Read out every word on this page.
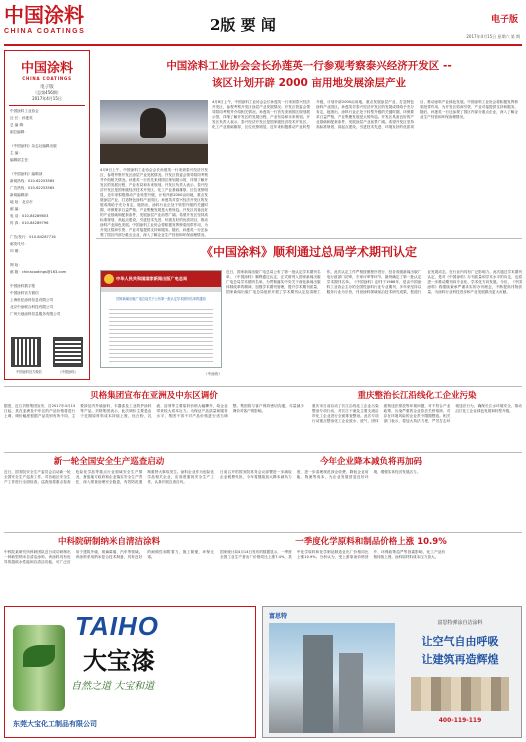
中国涂料
CHINA COATINGS	2版 要 闻	电子版
2017年4月15日 星期六 第 期
中国涂料
CHINA COATINGS
电子版
（总第456期）
2017年4月15日
中国涂料工业协会
社 长：孙莲英
总 编 辑：
副总编辑：

《中国涂料》杂志社编辑出版
主 编：
编辑部主任：

《中国涂料》编辑部
新闻热线：010-62253565
广告热线：010-62253565
新闻编辑部：
地 址：北京市
邮 编：
电 话：010-84289803
传 真：010-84289796

广告/发行：010-84287716
邮发代号：
印 刷：

网 址：
邮 箱：chinacoatings@163.com

中国涂料数字报
中国涂料官方微信
上海世纪涂料信息有限公司
北京中涂联合科技有限公司
广州天地涂料信息服务有限公司
中国涂料官方微信	《中国涂料》
中国涂料工业协会会长孙莲英一行参观考察泰兴经济开发区 --
该区计划开辟 2000 亩用地发展涂层产业
4月8日上午，中国涂料工业协会会长孙莲英一行来到泰兴经济开发区，参观考察开发区涂层产业发展情况。开发区管委会领导陪同考察并介绍相关情况。孙莲英一行首先来到园区规划展示馆，详细了解开发区的发展历程、产业布局和未来规划。开发区负责人表示，泰兴经济开发区是国家级经济技术开发区，化工产业基础雄厚，区位优势明显，近年来积极推动产业转型升级，计划开辟2000亩用地，重点发展涂层产业，打造特色涂料产业园区。孙莲英对泰兴经济开发区的发展成绩给予充分肯定，她指出，涂料行业正处于转型升级的关键时期，环保要求日益严格，产业集聚发展是大势所趋。开发区具备良好的产业基础和配套条件，发展涂层产业前景广阔。希望开发区坚持高标准规划、高起点建设，引进技术先进、环境友好的优质项目，推动涂料产业绿色发展。中国涂料工业协会将积极发挥桥梁纽带作用，为开发区招商引资、产业对接提供支持和服务。随后，孙莲英一行还参观了园区内部分重点企业，深入了解企业生产经营和环保治理情况。
4月8日上午，中国涂料工业协会会长孙莲英一行来到泰兴经济开发区，参观考察开发区涂层产业发展情况。开发区管委会领导陪同考察并介绍相关情况。孙莲英一行首先来到园区规划展示馆，详细了解开发区的发展历程、产业布局和未来规划。开发区负责人表示，泰兴经济开发区是国家级经济技术开发区，化工产业基础雄厚，区位优势明显，近年来积极推动产业转型升级，计划开辟2000亩用地，重点发展涂层产业，打造特色涂料产业园区。孙莲英对泰兴经济开发区的发展成绩给予充分肯定，她指出，涂料行业正处于转型升级的关键时期，环保要求日益严格，产业集聚发展是大势所趋。开发区具备良好的产业基础和配套条件，发展涂层产业前景广阔。希望开发区坚持高标准规划、高起点建设，引进技术先进、环境友好的优质项目，推动涂料产业绿色发展。中国涂料工业协会将积极发挥桥梁纽带作用，为开发区招商引资、产业对接提供支持和服务。随后，孙莲英一行还参观了园区内部分重点企业，深入了解企业生产经营和环保治理情况。
《中国涂料》顺利通过总局学术期刊认定
中华人民共和国国家新闻出版广电总局
国家新闻出版广电总局关于公布第一批认定学术期刊名单的通知
近日，国家新闻出版广电总局公布了第一批认定学术期刊名单，《中国涂料》顺利通过认定，正式被列入国家新闻出版广电总局学术期刊名单。为贯彻落实中央关于深化新闻出版体制改革的精神，加强学术期刊管理，提升学术期刊质量，国家新闻出版广电总局组织开展了学术期刊认定及清理工作。此次认定工作严格按照程序进行，经各省级新闻出版广电行政部门初审，专家评审等环节，最终确定了第一批认定学术期刊名单。《中国涂料》创刊于1986年，是由中国涂料工业协会主办的全国性涂料行业专业期刊，多年来坚持以服务行业为宗旨，刊登涂料领域前沿技术研究成果，报道行业发展动态，在行业内具有广泛影响力。此次通过学术期刊认定，是对《中国涂料》办刊质量和学术水平的肯定，也将进一步推动期刊向专业化、学术化方向发展。今后，《中国涂料》将继续秉承严谨求实的办刊理念，不断提高刊物质量，为涂料行业科技进步和产业发展做出更大贡献。
（中涂协）
贝格集团宣布在亚洲及中东区调价
据悉，近日贝格集团宣布，自2017年4月15日起，其在亚洲及中东区的产品价格将进行上调，调价幅度根据产品类别有所不同，主要涉及内外墙涂料、木器漆及工业防护涂料等产品。贝格集团表示，此次调价主要是由于近期原材料成本持续上涨，钛白粉、乳液、溶剂等主要原料价格大幅攀升，给企业带来较大成本压力。为保证产品质量和服务水平，集团不得不对产品价格进行适当调整。集团将与客户保持密切沟通，尽量减少调价对客户的影响。
重庆整治长江沿线化工企业污染
重庆市日前启动了长江沿线化工企业污染整治专项行动，对长江干流及主要支流沿岸化工企业进行全面排查整治。此次专项行动重点整治化工企业废水、废气、固体废物违法排放等环境问题，对不符合产业政策、污染严重的企业依法关停取缔，对存在环境风险的企业责令限期整改。相关部门表示，将加大执法力度，严厉打击环境违法行为，确保长江水环境安全，推动沿江化工企业绿色发展和转型升级。
新一轮全国安全生产巡查启动
近日，国务院安全生产委员会启动新一轮全国安全生产巡查工作，对各地区安全生产工作进行全面检查。巡查组将重点检查危险化学品等重点行业领域安全生产情况，督促地方政府和企业落实安全生产责任，深入排查治理安全隐患，有效防范遏制重特大事故发生。涂料企业作为危险化学品相关企业，应高度重视安全生产工作，认真开展自查自纠。
今年企业降本减负将再加码
日前召开的国务院常务会议部署进一步减轻企业税费负担，今年将继续加大降本减负力度，进一步清理规范涉企收费，降低企业用能、物流等成本，为企业发展营造良好环境，增强实体经济发展活力。
中科院研制纳米自清洁涂料
中科院某研究所科研团队近日成功研制出一种新型纳米自清洁涂料，该涂料具有优异的超疏水性能和自清洁功能，可广泛应用于建筑外墙、玻璃幕墙、汽车等领域。该涂料采用纳米复合技术制备，具有良好的耐候性和附着力，施工简便，环保无毒。
一季度化学原料和制品价格上涨 10.9%
国家统计局4月14日发布的数据显示，一季度全国工业生产者出厂价格同比上涨7.4%，其中化学原料和化学制品制造业出厂价格同比上涨10.9%。分析认为，受上游原油价格回升、环保政策趋严等因素影响，化工产品价格持续上涨，涂料原材料成本压力加大。
TAIHO
大宝漆
自然之道 大宝和道
东莞大宝化工制品有限公司
富思特
富思特弹涂自洁涂料
让空气自由呼吸
让建筑再造辉煌
400-119-119
